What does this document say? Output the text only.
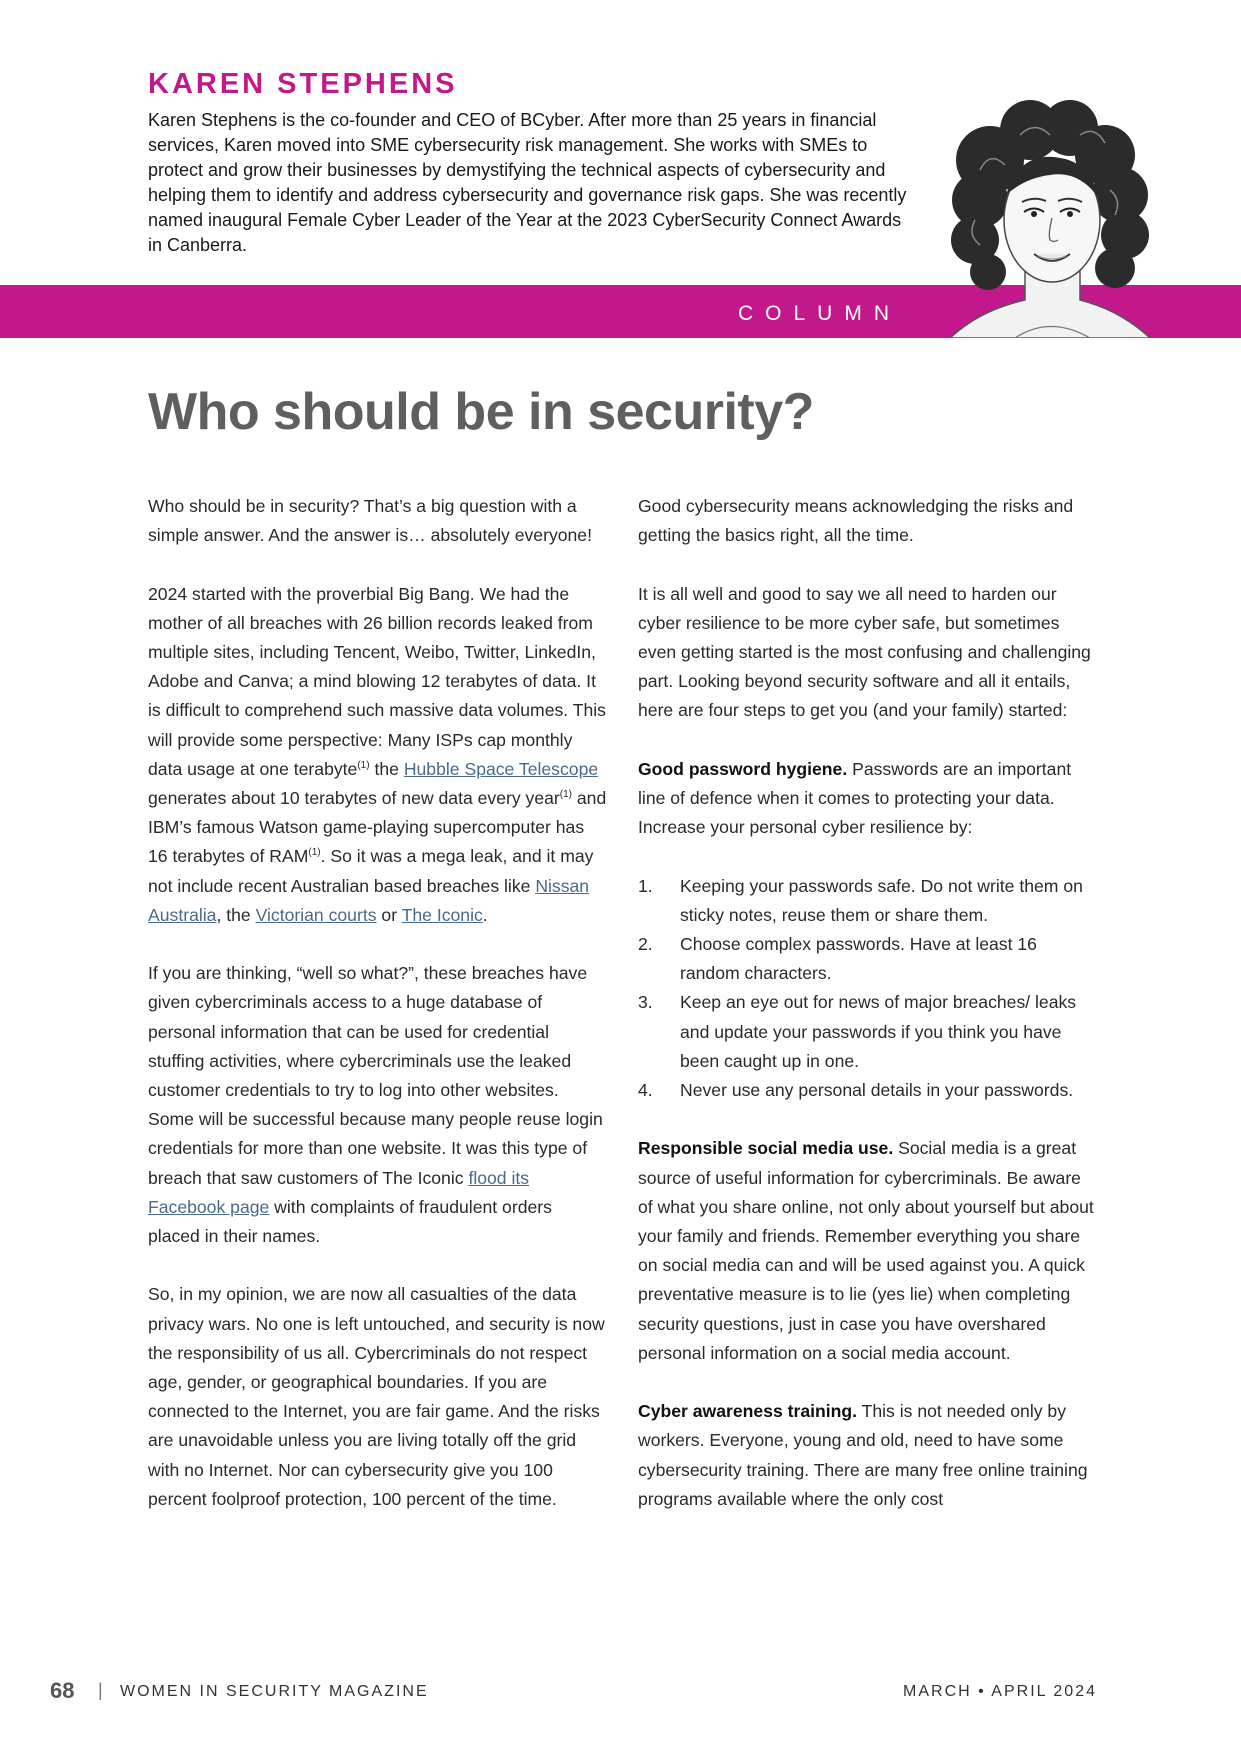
KAREN STEPHENS

Karen Stephens is the co-founder and CEO of BCyber. After more than 25 years in financial services, Karen moved into SME cybersecurity risk management. She works with SMEs to protect and grow their businesses by demystifying the technical aspects of cybersecurity and helping them to identify and address cybersecurity and governance risk gaps. She was recently named inaugural Female Cyber Leader of the Year at the 2023 CyberSecurity Connect Awards in Canberra.

COLUMN

Who should be in security?

Who should be in security? That’s a big question with a simple answer. And the answer is… absolutely everyone!

2024 started with the proverbial Big Bang. We had the mother of all breaches with 26 billion records leaked from multiple sites, including Tencent, Weibo, Twitter, LinkedIn, Adobe and Canva; a mind blowing 12 terabytes of data. It is difficult to comprehend such massive data volumes. This will provide some perspective: Many ISPs cap monthly data usage at one terabyte$^{(1)}$ the Hubble Space Telescope generates about 10 terabytes of new data every year$^{(1)}$ and IBM’s famous Watson game-playing supercomputer has 16 terabytes of RAM$^{(1)}$. So it was a mega leak, and it may not include recent Australian based breaches like Nissan Australia, the Victorian courts or The Iconic.

If you are thinking, “well so what?”, these breaches have given cybercriminals access to a huge database of personal information that can be used for credential stuffing activities, where cybercriminals use the leaked customer credentials to try to log into other websites. Some will be successful because many people reuse login credentials for more than one website. It was this type of breach that saw customers of The Iconic flood its Facebook page with complaints of fraudulent orders placed in their names.

So, in my opinion, we are now all casualties of the data privacy wars. No one is left untouched, and security is now the responsibility of us all. Cybercriminals do not respect age, gender, or geographical boundaries. If you are connected to the Internet, you are fair game. And the risks are unavoidable unless you are living totally off the grid with no Internet. Nor can cybersecurity give you 100 percent foolproof protection, 100 percent of the time.

Good cybersecurity means acknowledging the risks and getting the basics right, all the time.

It is all well and good to say we all need to harden our cyber resilience to be more cyber safe, but sometimes even getting started is the most confusing and challenging part. Looking beyond security software and all it entails, here are four steps to get you (and your family) started:

Good password hygiene. Passwords are an important line of defence when it comes to protecting your data. Increase your personal cyber resilience by:

1. Keeping your passwords safe. Do not write them on sticky notes, reuse them or share them.
2. Choose complex passwords. Have at least 16 random characters.
3. Keep an eye out for news of major breaches/ leaks and update your passwords if you think you have been caught up in one.
4. Never use any personal details in your passwords.

Responsible social media use. Social media is a great source of useful information for cybercriminals. Be aware of what you share online, not only about yourself but about your family and friends. Remember everything you share on social media can and will be used against you. A quick preventative measure is to lie (yes lie) when completing security questions, just in case you have overshared personal information on a social media account.

Cyber awareness training. This is not needed only by workers. Everyone, young and old, need to have some cybersecurity training. There are many free online training programs available where the only cost

68 | WOMEN IN SECURITY MAGAZINE	MARCH • APRIL 2024
